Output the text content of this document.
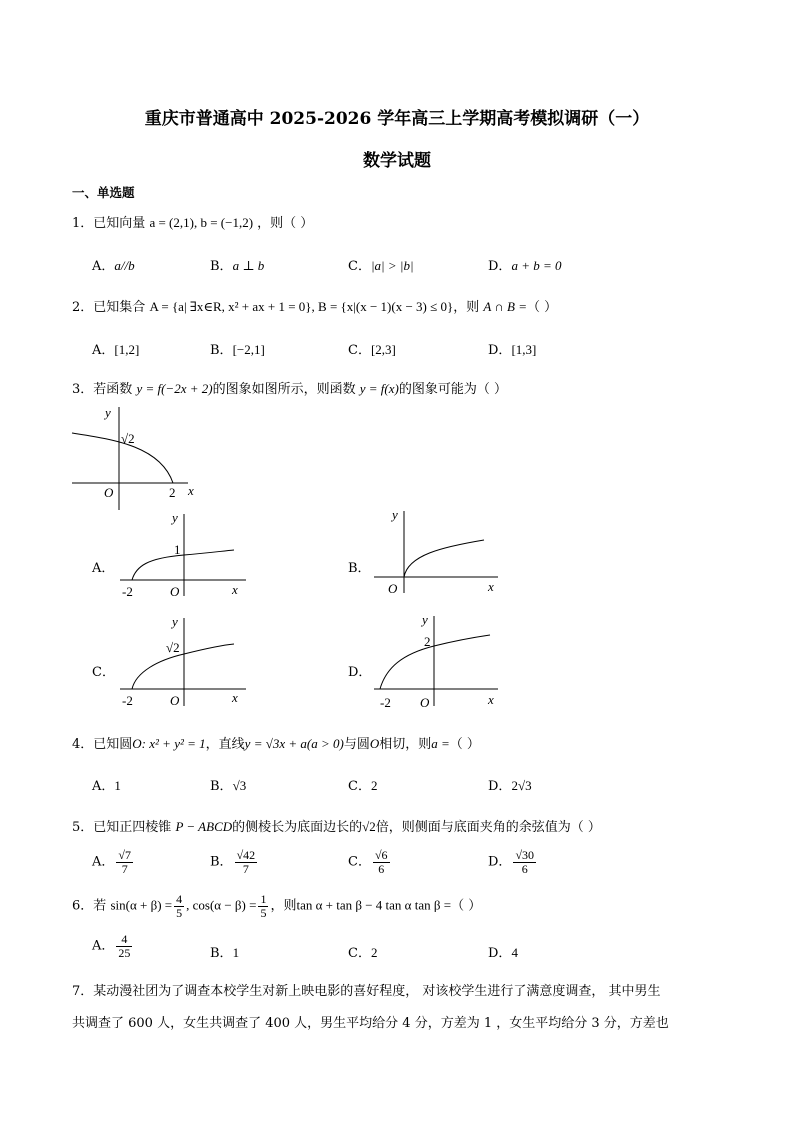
重庆市普通高中 2025-2026 学年高三上学期高考模拟调研（一）
数学试题
一、单选题
1．已知向量 a = (2,1), b = (−1,2) ，则（ ）
A．a//b	B．a ⊥ b	C．|a| > |b|	D．a + b = 0
2．已知集合 A = {a| ∃x∈R, x² + ax + 1 = 0}, B = {x|(x − 1)(x − 3) ≤ 0}，则 A ∩ B =（ ）
A．[1,2]	B．[−2,1]	C．[2,3]	D．[1,3]
3．若函数 y = f(−2x + 2)的图象如图所示，则函数 y = f(x)的图象可能为（ ）
y
x
O
√2
2
A．
y
x
O
1
-2
B．
y
x
O
C．
y
x
O
√2
-2
D．
y
x
O
2
-2
4．已知圆O: x² + y² = 1，直线y = √3x + a(a > 0)与圆O相切，则a =（ ）
A．1	B．√3	C．2	D．2√3
5．已知正四棱锥 P − ABCD的侧棱长为底面边长的√2倍，则侧面与底面夹角的余弦值为（ ）
A． $\frac{√7}{7}$	B． $\frac{√42}{7}$	C． $\frac{√6}{6}$	D． $\frac{√30}{6}$
6．若 $\sin(\alpha + \beta) = \frac{4}{5}$ , $\cos(\alpha - \beta) = \frac{1}{5}$ ，则tan α + tan β − 4 tan α tan β =（ ）
A． $\frac{4}{25}$	B．1	C．2	D．4
7．某动漫社团为了调查本校学生对新上映电影的喜好程度， 对该校学生进行了满意度调查， 其中男生
共调查了 600 人，女生共调查了 400 人，男生平均给分 4 分，方差为 1 ，女生平均给分 3 分，方差也
